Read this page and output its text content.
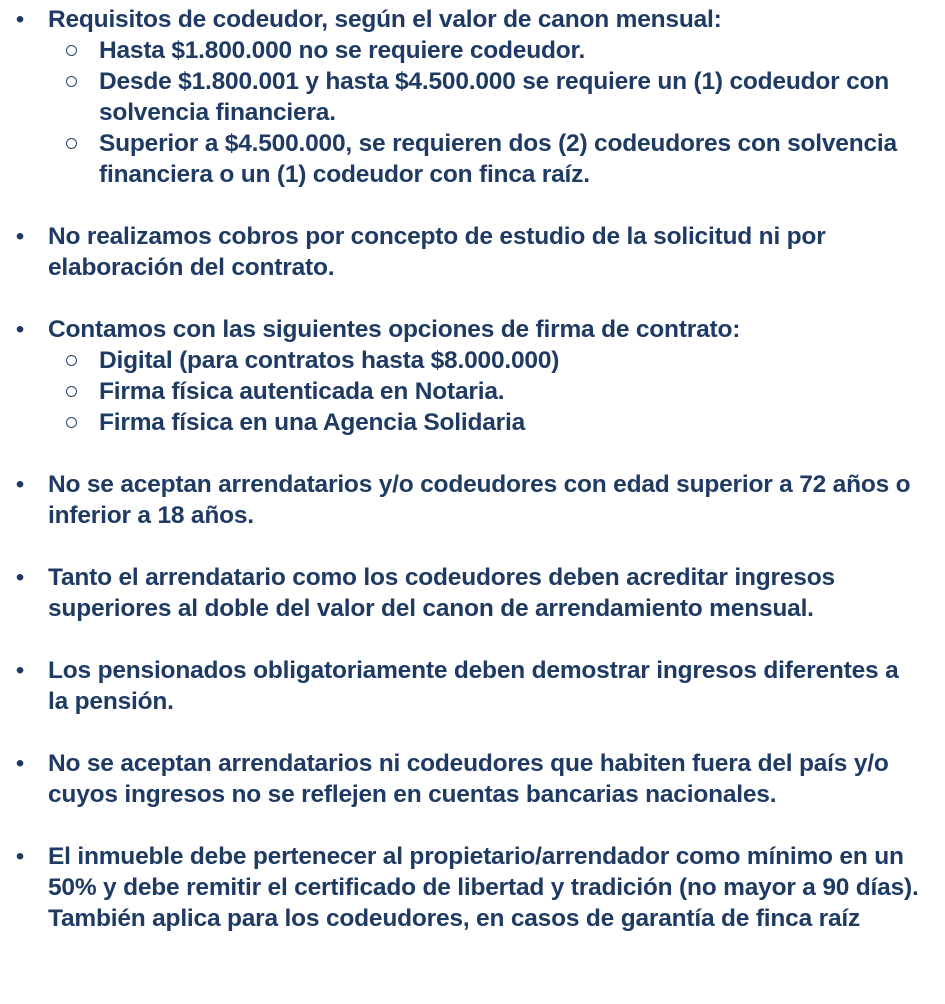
• Requisitos de codeudor, según el valor de canon mensual:
Hasta $1.800.000 no se requiere codeudor.
Desde $1.800.001 y hasta $4.500.000 se requiere un (1) codeudor con solvencia financiera.
Superior a $4.500.000, se requieren dos (2) codeudores con solvencia financiera o un (1) codeudor con finca raíz.
• No realizamos cobros por concepto de estudio de la solicitud ni por elaboración del contrato.
• Contamos con las siguientes opciones de firma de contrato:
Digital (para contratos hasta $8.000.000)
Firma física autenticada en Notaria.
Firma física en una Agencia Solidaria
• No se aceptan arrendatarios y/o codeudores con edad superior a 72 años o inferior a 18 años.
• Tanto el arrendatario como los codeudores deben acreditar ingresos superiores al doble del valor del canon de arrendamiento mensual.
• Los pensionados obligatoriamente deben demostrar ingresos diferentes a la pensión.
• No se aceptan arrendatarios ni codeudores que habiten fuera del país y/o cuyos ingresos no se reflejen en cuentas bancarias nacionales.
• El inmueble debe pertenecer al propietario/arrendador como mínimo en un 50% y debe remitir el certificado de libertad y tradición (no mayor a 90 días).   También aplica para los codeudores, en casos de garantía de finca raíz
